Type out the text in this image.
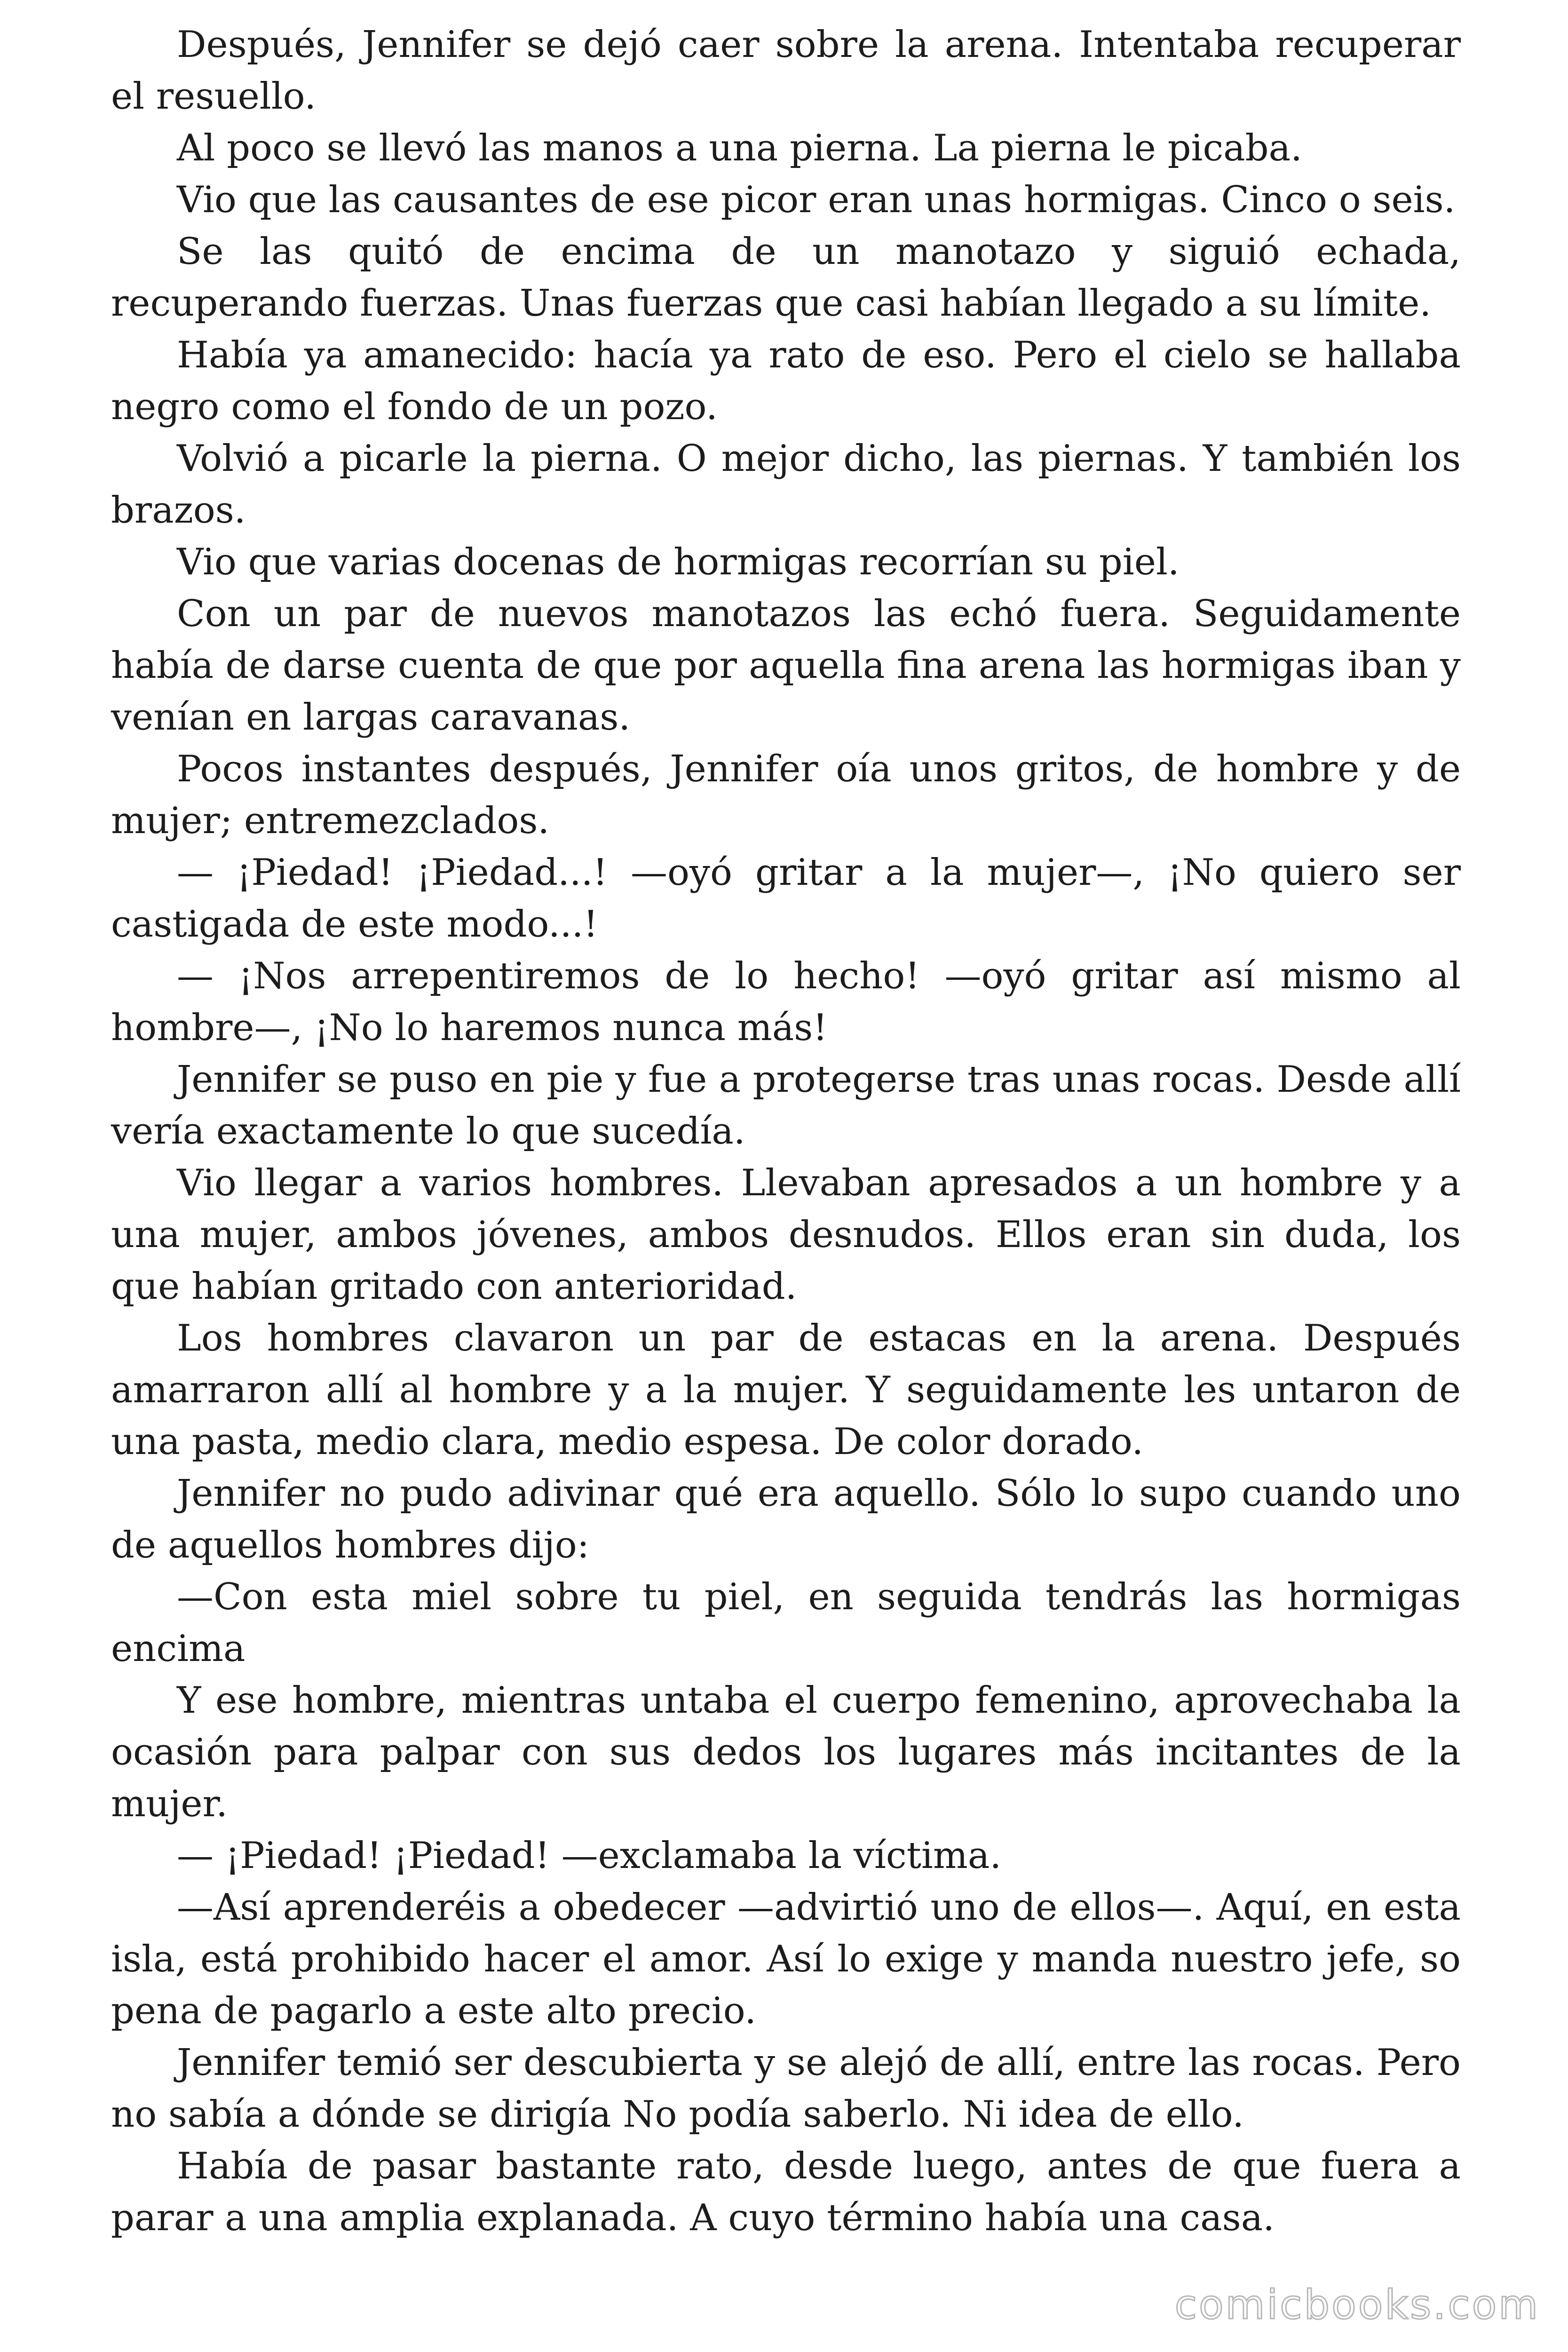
Después, Jennifer se dejó caer sobre la arena. Intentaba recuperar el resuello.

Al poco se llevó las manos a una pierna. La pierna le picaba.

Vio que las causantes de ese picor eran unas hormigas. Cinco o seis.

Se las quitó de encima de un manotazo y siguió echada, recuperando fuerzas. Unas fuerzas que casi habían llegado a su límite.

Había ya amanecido: hacía ya rato de eso. Pero el cielo se hallaba negro como el fondo de un pozo.

Volvió a picarle la pierna. O mejor dicho, las piernas. Y también los brazos.

Vio que varias docenas de hormigas recorrían su piel.

Con un par de nuevos manotazos las echó fuera. Seguidamente había de darse cuenta de que por aquella fina arena las hormigas iban y venían en largas caravanas.

Pocos instantes después, Jennifer oía unos gritos, de hombre y de mujer; entremezclados.

— ¡Piedad! ¡Piedad...! —oyó gritar a la mujer—, ¡No quiero ser castigada de este modo...!

— ¡Nos arrepentiremos de lo hecho! —oyó gritar así mismo al hombre—, ¡No lo haremos nunca más!

Jennifer se puso en pie y fue a protegerse tras unas rocas. Desde allí vería exactamente lo que sucedía.

Vio llegar a varios hombres. Llevaban apresados a un hombre y a una mujer, ambos jóvenes, ambos desnudos. Ellos eran sin duda, los que habían gritado con anterioridad.

Los hombres clavaron un par de estacas en la arena. Después amarraron allí al hombre y a la mujer. Y seguidamente les untaron de una pasta, medio clara, medio espesa. De color dorado.

Jennifer no pudo adivinar qué era aquello. Sólo lo supo cuando uno de aquellos hombres dijo:

—Con esta miel sobre tu piel, en seguida tendrás las hormigas encima

Y ese hombre, mientras untaba el cuerpo femenino, aprovechaba la ocasión para palpar con sus dedos los lugares más incitantes de la mujer.

— ¡Piedad! ¡Piedad! —exclamaba la víctima.

—Así aprenderéis a obedecer —advirtió uno de ellos—. Aquí, en esta isla, está prohibido hacer el amor. Así lo exige y manda nuestro jefe, so pena de pagarlo a este alto precio.

Jennifer temió ser descubierta y se alejó de allí, entre las rocas. Pero no sabía a dónde se dirigía No podía saberlo. Ni idea de ello.

Había de pasar bastante rato, desde luego, antes de que fuera a parar a una amplia explanada. A cuyo término había una casa.

comicbooks.com
